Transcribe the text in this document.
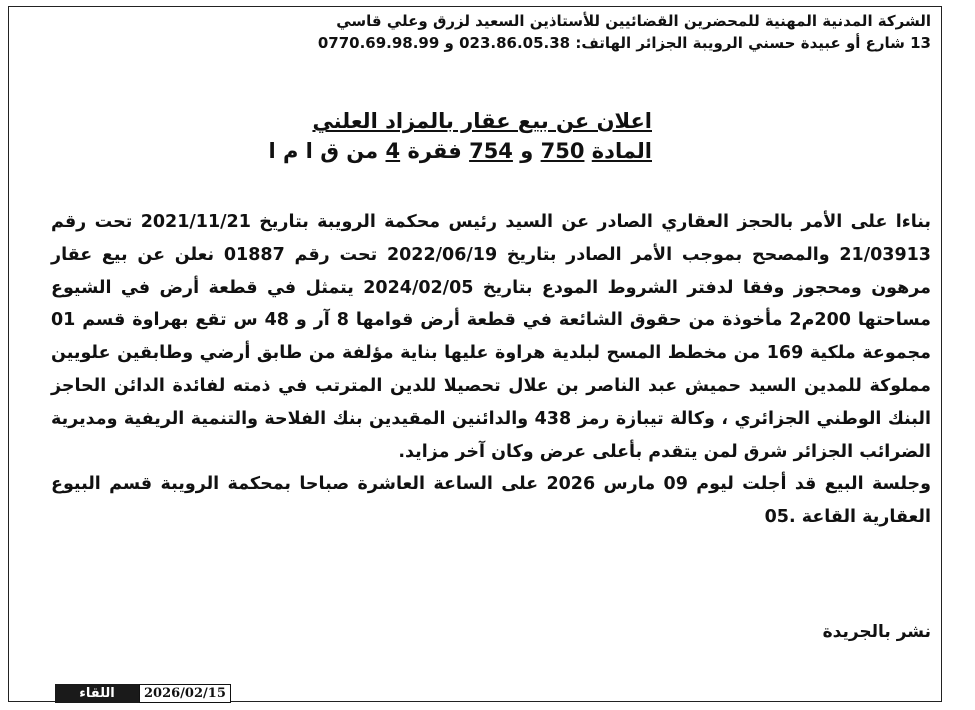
الشركة المدنية المهنية للمحضرين القضائيين للأستاذين السعيد لزرق وعلي قاسي
13 شارع أو عبيدة حسني الرويبة الجزائر الهاتف: 023.86.05.38 و 0770.69.98.99
اعلان عن بيع عقار بالمزاد العلني
المادة 750 و 754 فقرة 4 من ق ا م ا

بناءا على الأمر بالحجز العقاري الصادر عن السيد رئيس محكمة الرويبة بتاريخ 2021/11/21 تحت رقم 21/03913 والمصحح بموجب الأمر الصادر بتاريخ 2022/06/19 تحت رقم 01887 نعلن عن بيع عقار مرهون ومحجوز وفقا لدفتر الشروط المودع بتاريخ 2024/02/05 يتمثل في قطعة أرض في الشيوع مساحتها 200م2 مأخوذة من حقوق الشائعة في قطعة أرض قوامها 8 آر و 48 س تقع بهراوة قسم 01 مجموعة ملكية 169 من مخطط المسح لبلدية هراوة عليها بناية مؤلفة من طابق أرضي وطابقين علويين مملوكة للمدين السيد حميش عبد الناصر بن علال تحصيلا للدين المترتب في ذمته لفائدة الدائن الحاجز البنك الوطني الجزائري ، وكالة تيبازة رمز 438 والدائنين المقيدين بنك الفلاحة والتنمية الريفية ومديرية الضرائب الجزائر شرق لمن يتقدم بأعلى عرض وكان آخر مزايد.

وجلسة البيع قد أجلت ليوم 09 مارس 2026 على الساعة العاشرة صباحا بمحكمة الرويبة قسم البيوع العقارية القاعة .05

نشر بالجريدة
اللقاء	2026/02/15
